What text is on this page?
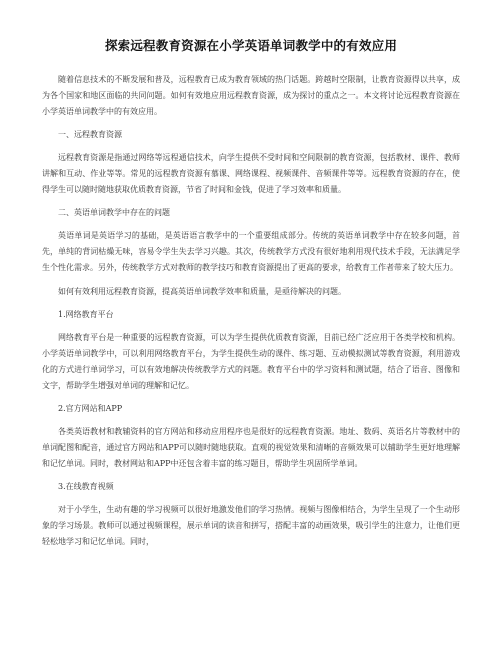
探索远程教育资源在小学英语单词教学中的有效应用

随着信息技术的不断发展和普及，远程教育已成为教育领域的热门话题。跨越时空限制，让教育资源得以共享，成为各个国家和地区面临的共同问题。如何有效地应用远程教育资源，成为探讨的重点之一。本文将讨论远程教育资源在小学英语单词教学中的有效应用。

一、远程教育资源

远程教育资源是指通过网络等远程通信技术，向学生提供不受时间和空间限制的教育资源，包括教材、课件、教师讲解和互动、作业等等。常见的远程教育资源有慕课、网络课程、视频课件、音频课件等等。远程教育资源的存在，使得学生可以随时随地获取优质教育资源，节省了时间和金钱，促进了学习效率和质量。

二、英语单词教学中存在的问题

英语单词是英语学习的基础，是英语语言教学中的一个重要组成部分。传统的英语单词教学中存在较多问题，首先，单纯的背词枯燥无味，容易令学生失去学习兴趣。其次，传统教学方式没有很好地利用现代技术手段，无法满足学生个性化需求。另外，传统教学方式对教师的教学技巧和教育资源提出了更高的要求，给教育工作者带来了较大压力。

如何有效利用远程教育资源，提高英语单词教学效率和质量，是亟待解决的问题。

1.网络教育平台

网络教育平台是一种重要的远程教育资源，可以为学生提供优质教育资源，目前已经广泛应用于各类学校和机构。小学英语单词教学中，可以利用网络教育平台，为学生提供生动的课件、练习题、互动模拟测试等教育资源，利用游戏化的方式进行单词学习，可以有效地解决传统教学方式的问题。教育平台中的学习资料和测试题，结合了语音、图像和文字，帮助学生增强对单词的理解和记忆。

2.官方网站和APP

各类英语教材和教辅资料的官方网站和移动应用程序也是很好的远程教育资源。地址、数码、英语名片等教材中的单词配图和配音，通过官方网站和APP可以随时随地获取。直观的视觉效果和清晰的音频效果可以辅助学生更好地理解和记忆单词。同时，教材网站和APP中还包含着丰富的练习题目，帮助学生巩固所学单词。

3.在线教育视频

对于小学生，生动有趣的学习视频可以很好地激发他们的学习热情。视频与图像相结合，为学生呈现了一个生动形象的学习场景。教师可以通过视频课程，展示单词的读音和拼写，搭配丰富的动画效果，吸引学生的注意力，让他们更轻松地学习和记忆单词。同时，
